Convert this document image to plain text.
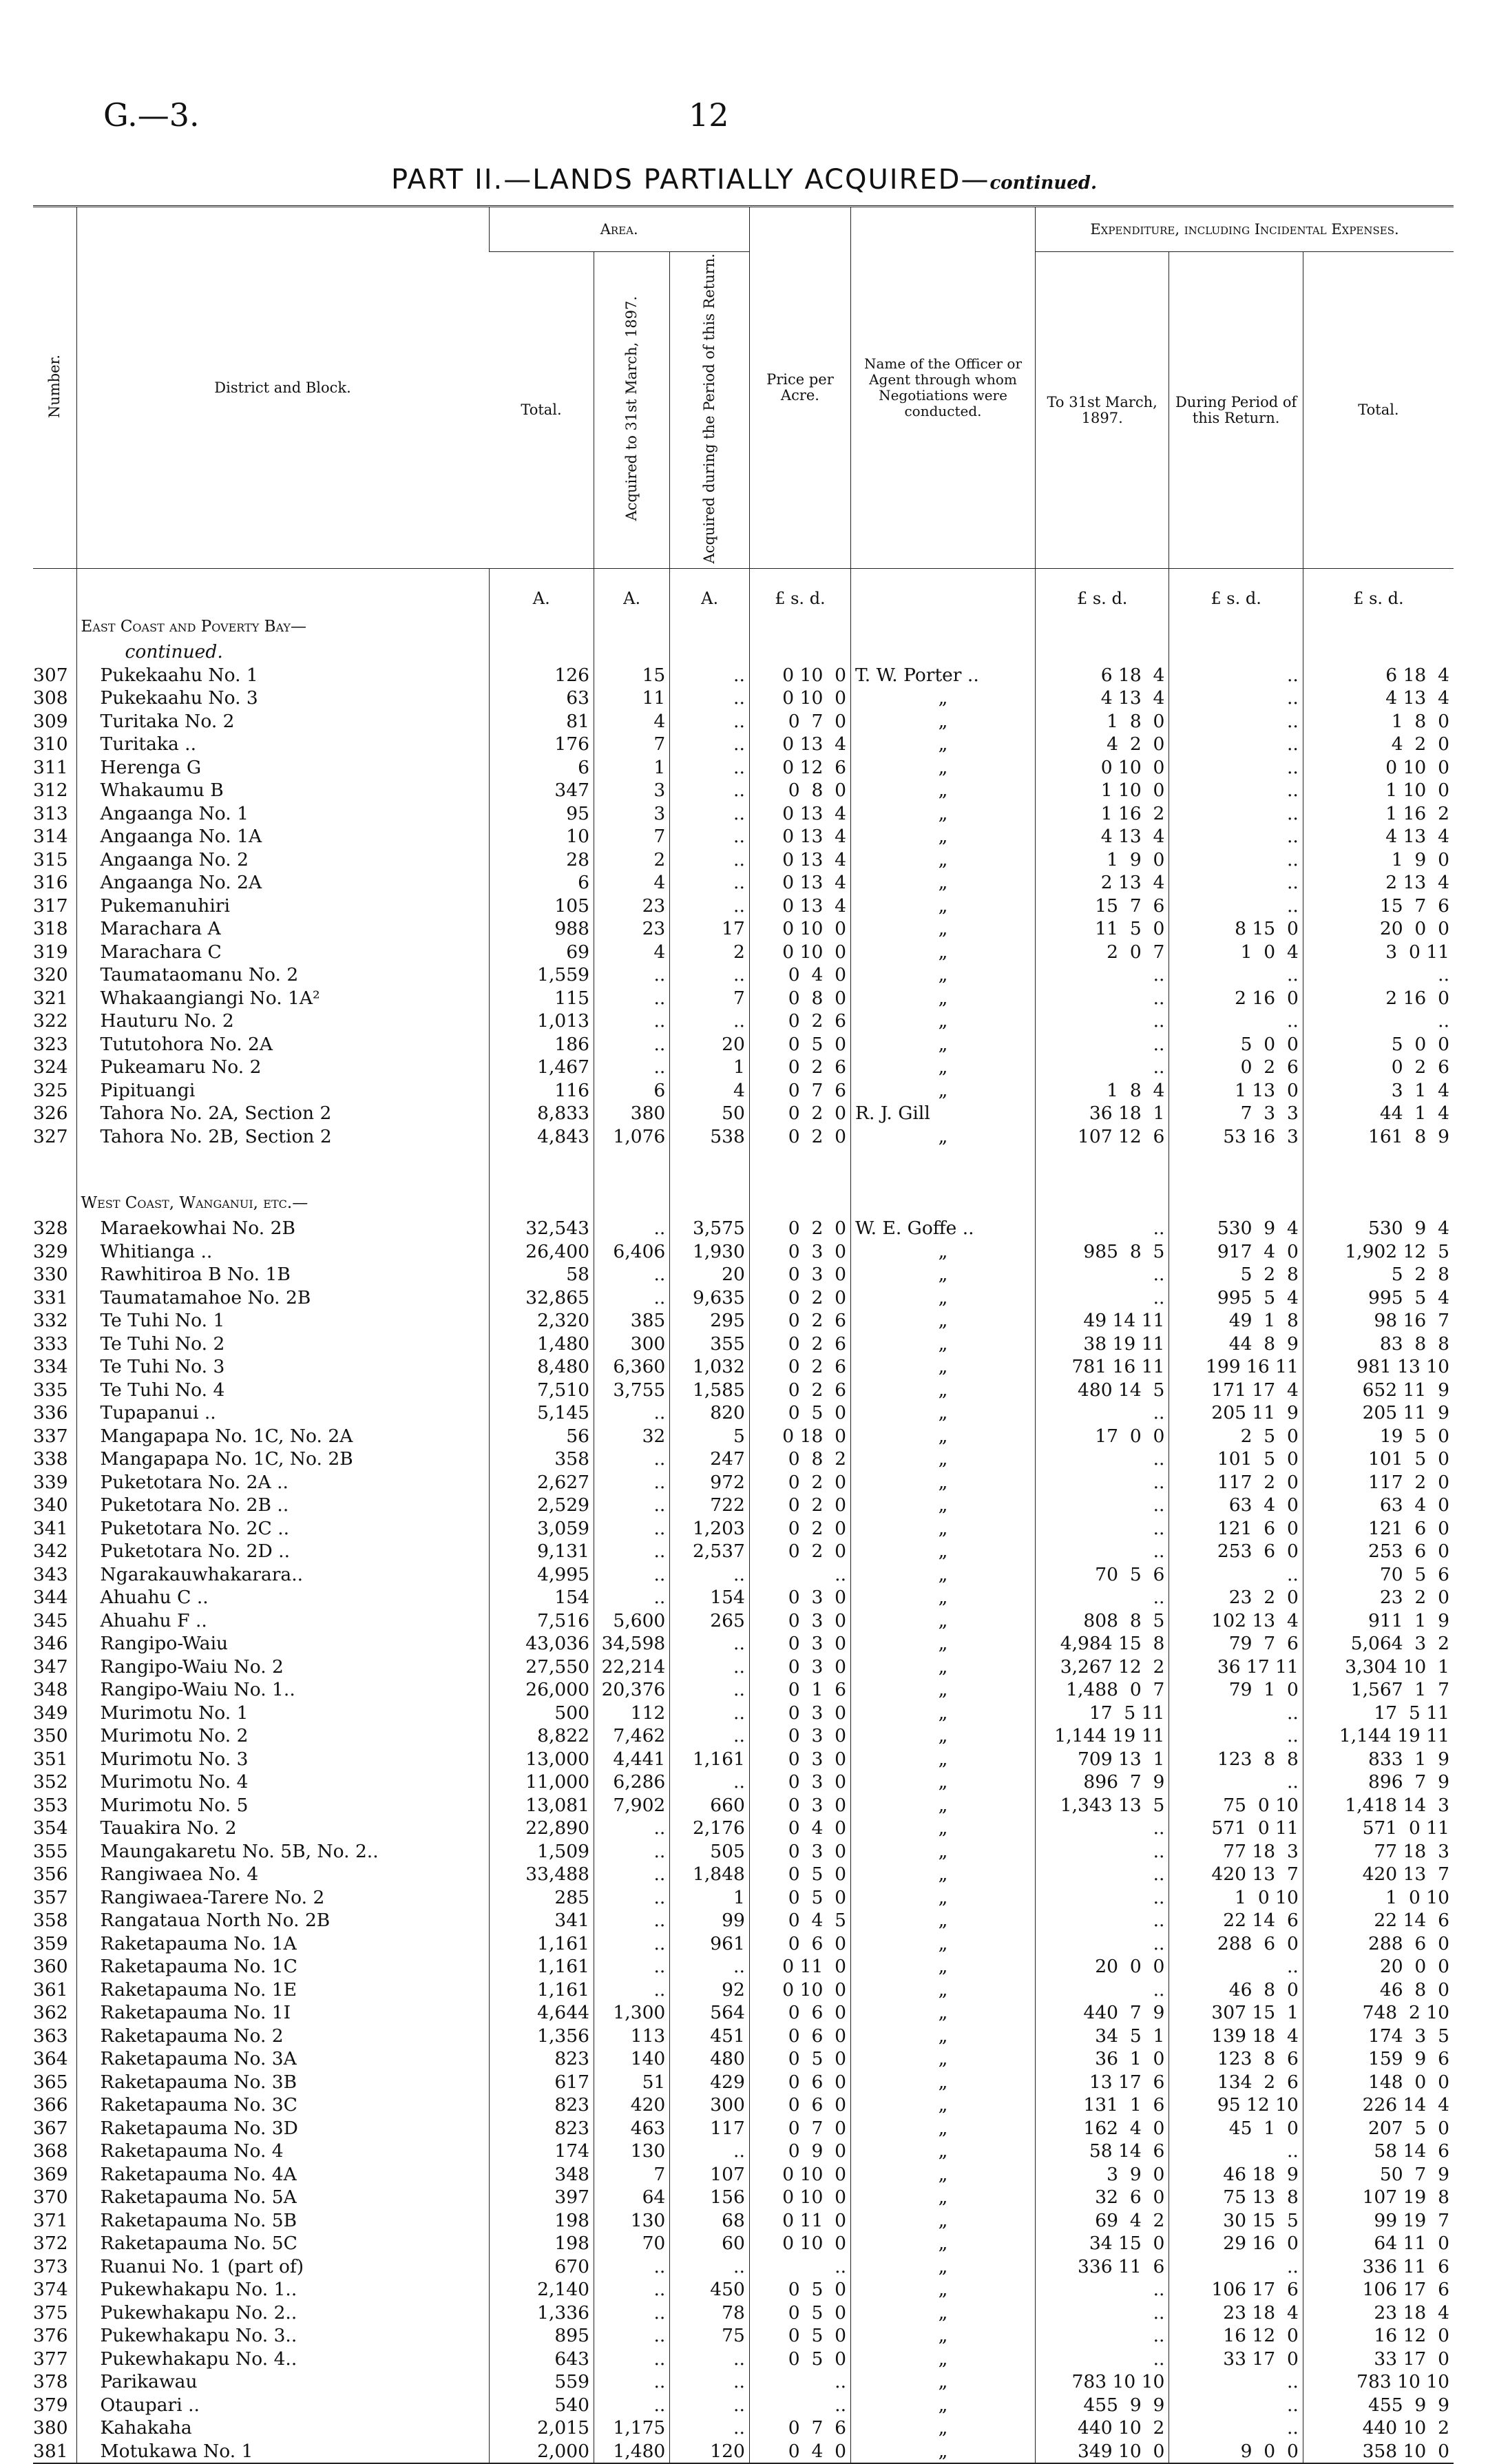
G.—3.	12
PART II.—LANDS PARTIALLY ACQUIRED—continued.
Number.	District and Block.	Area.			Price per Acre.	Name of the Officer or Agent through whom Negotiations were conducted.	Expenditure, including Incidental Expenses.		
		Total.	Acquired to 31st March, 1897.	Acquired during the Period of this Return.			To 31st March, 1897.	During Period of this Return.	Total.
		A.	A.	A.	£ s. d.		£ s. d.	£ s. d.	£ s. d.
	East Coast and Poverty Bay—								
	continued.								
307	Pukekaahu No. 1	126	15	..	0 10  0	T. W. Porter ..	6 18  4	..	6 18  4
308	Pukekaahu No. 3	63	11	..	0 10  0	„	4 13  4	..	4 13  4
309	Turitaka No. 2	81	4	..	0  7  0	„	1  8  0	..	1  8  0
310	Turitaka ..	176	7	..	0 13  4	„	4  2  0	..	4  2  0
311	Herenga G	6	1	..	0 12  6	„	0 10  0	..	0 10  0
312	Whakaumu B	347	3	..	0  8  0	„	1 10  0	..	1 10  0
313	Angaanga No. 1	95	3	..	0 13  4	„	1 16  2	..	1 16  2
314	Angaanga No. 1A	10	7	..	0 13  4	„	4 13  4	..	4 13  4
315	Angaanga No. 2	28	2	..	0 13  4	„	1  9  0	..	1  9  0
316	Angaanga No. 2A	6	4	..	0 13  4	„	2 13  4	..	2 13  4
317	Pukemanuhiri	105	23	..	0 13  4	„	15  7  6	..	15  7  6
318	Marachara A	988	23	17	0 10  0	„	11  5  0	8 15  0	20  0  0
319	Marachara C	69	4	2	0 10  0	„	2  0  7	1  0  4	3  0 11
320	Taumataomanu No. 2	1,559	..	..	0  4  0	„	..	..	..
321	Whakaangiangi No. 1A²	115	..	7	0  8  0	„	..	2 16  0	2 16  0
322	Hauturu No. 2	1,013	..	..	0  2  6	„	..	..	..
323	Tututohora No. 2A	186	..	20	0  5  0	„	..	5  0  0	5  0  0
324	Pukeamaru No. 2	1,467	..	1	0  2  6	„	..	0  2  6	0  2  6
325	Pipituangi	116	6	4	0  7  6	„	1  8  4	1 13  0	3  1  4
326	Tahora No. 2A, Section 2	8,833	380	50	0  2  0	R. J. Gill	36 18  1	7  3  3	44  1  4
327	Tahora No. 2B, Section 2	4,843	1,076	538	0  2  0	„	107 12  6	53 16  3	161  8  9

	West Coast, Wanganui, etc.—								
328	Maraekowhai No. 2B	32,543	..	3,575	0  2  0	W. E. Goffe ..	..	530  9  4	530  9  4
329	Whitianga ..	26,400	6,406	1,930	0  3  0	„	985  8  5	917  4  0	1,902 12  5
330	Rawhitiroa B No. 1B	58	..	20	0  3  0	„	..	5  2  8	5  2  8
331	Taumatamahoe No. 2B	32,865	..	9,635	0  2  0	„	..	995  5  4	995  5  4
332	Te Tuhi No. 1	2,320	385	295	0  2  6	„	49 14 11	49  1  8	98 16  7
333	Te Tuhi No. 2	1,480	300	355	0  2  6	„	38 19 11	44  8  9	83  8  8
334	Te Tuhi No. 3	8,480	6,360	1,032	0  2  6	„	781 16 11	199 16 11	981 13 10
335	Te Tuhi No. 4	7,510	3,755	1,585	0  2  6	„	480 14  5	171 17  4	652 11  9
336	Tupapanui ..	5,145	..	820	0  5  0	„	..	205 11  9	205 11  9
337	Mangapapa No. 1C, No. 2A	56	32	5	0 18  0	„	17  0  0	2  5  0	19  5  0
338	Mangapapa No. 1C, No. 2B	358	..	247	0  8  2	„	..	101  5  0	101  5  0
339	Puketotara No. 2A ..	2,627	..	972	0  2  0	„	..	117  2  0	117  2  0
340	Puketotara No. 2B ..	2,529	..	722	0  2  0	„	..	63  4  0	63  4  0
341	Puketotara No. 2C ..	3,059	..	1,203	0  2  0	„	..	121  6  0	121  6  0
342	Puketotara No. 2D ..	9,131	..	2,537	0  2  0	„	..	253  6  0	253  6  0
343	Ngarakauwhakarara..	4,995	..	..	..	„	70  5  6	..	70  5  6
344	Ahuahu C ..	154	..	154	0  3  0	„	..	23  2  0	23  2  0
345	Ahuahu F ..	7,516	5,600	265	0  3  0	„	808  8  5	102 13  4	911  1  9
346	Rangipo-Waiu	43,036	34,598	..	0  3  0	„	4,984 15  8	79  7  6	5,064  3  2
347	Rangipo-Waiu No. 2	27,550	22,214	..	0  3  0	„	3,267 12  2	36 17 11	3,304 10  1
348	Rangipo-Waiu No. 1..	26,000	20,376	..	0  1  6	„	1,488  0  7	79  1  0	1,567  1  7
349	Murimotu No. 1	500	112	..	0  3  0	„	17  5 11	..	17  5 11
350	Murimotu No. 2	8,822	7,462	..	0  3  0	„	1,144 19 11	..	1,144 19 11
351	Murimotu No. 3	13,000	4,441	1,161	0  3  0	„	709 13  1	123  8  8	833  1  9
352	Murimotu No. 4	11,000	6,286	..	0  3  0	„	896  7  9	..	896  7  9
353	Murimotu No. 5	13,081	7,902	660	0  3  0	„	1,343 13  5	75  0 10	1,418 14  3
354	Tauakira No. 2	22,890	..	2,176	0  4  0	„	..	571  0 11	571  0 11
355	Maungakaretu No. 5B, No. 2..	1,509	..	505	0  3  0	„	..	77 18  3	77 18  3
356	Rangiwaea No. 4	33,488	..	1,848	0  5  0	„	..	420 13  7	420 13  7
357	Rangiwaea-Tarere No. 2	285	..	1	0  5  0	„	..	1  0 10	1  0 10
358	Rangataua North No. 2B	341	..	99	0  4  5	„	..	22 14  6	22 14  6
359	Raketapauma No. 1A	1,161	..	961	0  6  0	„	..	288  6  0	288  6  0
360	Raketapauma No. 1C	1,161	..	..	0 11  0	„	20  0  0	..	20  0  0
361	Raketapauma No. 1E	1,161	..	92	0 10  0	„	..	46  8  0	46  8  0
362	Raketapauma No. 1I	4,644	1,300	564	0  6  0	„	440  7  9	307 15  1	748  2 10
363	Raketapauma No. 2	1,356	113	451	0  6  0	„	34  5  1	139 18  4	174  3  5
364	Raketapauma No. 3A	823	140	480	0  5  0	„	36  1  0	123  8  6	159  9  6
365	Raketapauma No. 3B	617	51	429	0  6  0	„	13 17  6	134  2  6	148  0  0
366	Raketapauma No. 3C	823	420	300	0  6  0	„	131  1  6	95 12 10	226 14  4
367	Raketapauma No. 3D	823	463	117	0  7  0	„	162  4  0	45  1  0	207  5  0
368	Raketapauma No. 4	174	130	..	0  9  0	„	58 14  6	..	58 14  6
369	Raketapauma No. 4A	348	7	107	0 10  0	„	3  9  0	46 18  9	50  7  9
370	Raketapauma No. 5A	397	64	156	0 10  0	„	32  6  0	75 13  8	107 19  8
371	Raketapauma No. 5B	198	130	68	0 11  0	„	69  4  2	30 15  5	99 19  7
372	Raketapauma No. 5C	198	70	60	0 10  0	„	34 15  0	29 16  0	64 11  0
373	Ruanui No. 1 (part of)	670	..	..	..	„	336 11  6	..	336 11  6
374	Pukewhakapu No. 1..	2,140	..	450	0  5  0	„	..	106 17  6	106 17  6
375	Pukewhakapu No. 2..	1,336	..	78	0  5  0	„	..	23 18  4	23 18  4
376	Pukewhakapu No. 3..	895	..	75	0  5  0	„	..	16 12  0	16 12  0
377	Pukewhakapu No. 4..	643	..	..	0  5  0	„	..	33 17  0	33 17  0
378	Parikawau	559	..	..	..	„	783 10 10	..	783 10 10
379	Otaupari ..	540	..	..	..	„	455  9  9	..	455  9  9
380	Kahakaha	2,015	1,175	..	0  7  6	„	440 10  2	..	440 10  2
381	Motukawa No. 1	2,000	1,480	120	0  4  0	„	349 10  0	9  0  0	358 10  0
